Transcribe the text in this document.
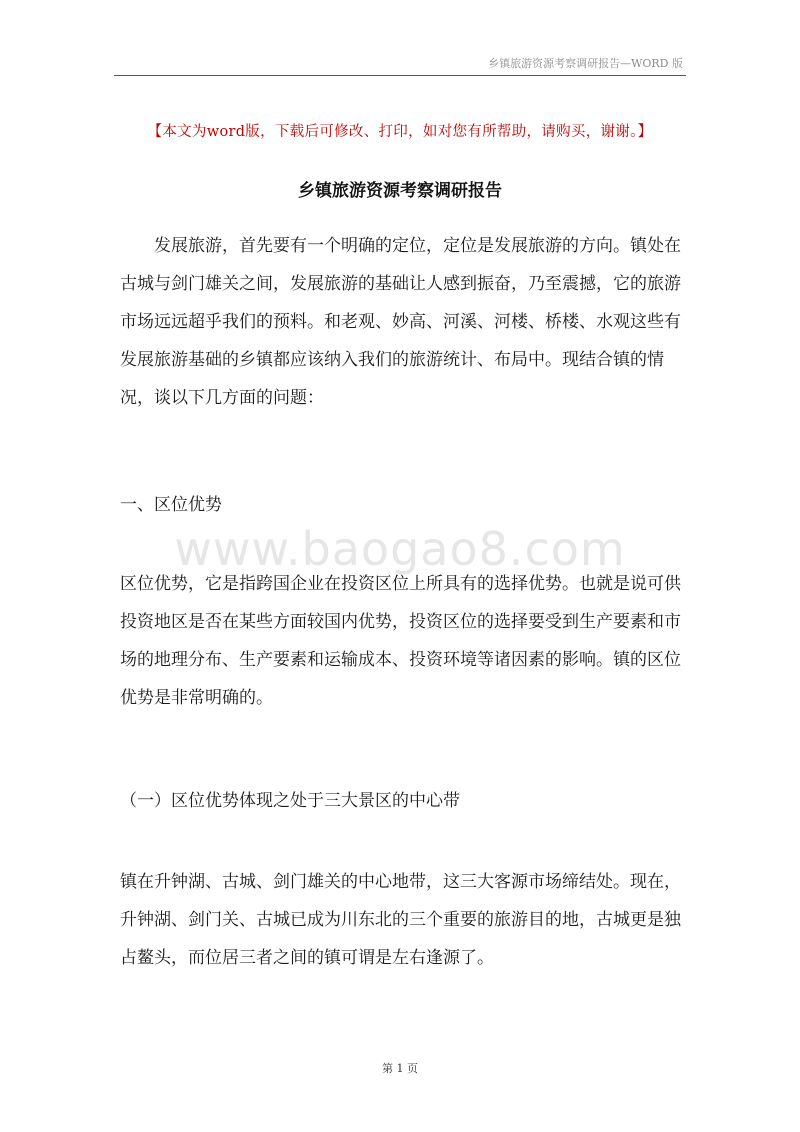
乡镇旅游资源考察调研报告—WORD 版
【本文为word版，下载后可修改、打印，如对您有所帮助，请购买，谢谢。】
乡镇旅游资源考察调研报告

发展旅游，首先要有一个明确的定位，定位是发展旅游的方向。镇处在古城与剑门雄关之间，发展旅游的基础让人感到振奋，乃至震撼，它的旅游市场远远超乎我们的预料。和老观、妙高、河溪、河楼、桥楼、水观这些有发展旅游基础的乡镇都应该纳入我们的旅游统计、布局中。现结合镇的情况，谈以下几方面的问题：

一、区位优势
www.baogao8.com

区位优势，它是指跨国企业在投资区位上所具有的选择优势。也就是说可供投资地区是否在某些方面较国内优势，投资区位的选择要受到生产要素和市场的地理分布、生产要素和运输成本、投资环境等诸因素的影响。镇的区位优势是非常明确的。

（一）区位优势体现之处于三大景区的中心带

镇在升钟湖、古城、剑门雄关的中心地带，这三大客源市场缔结处。现在，升钟湖、剑门关、古城已成为川东北的三个重要的旅游目的地，古城更是独占鳌头，而位居三者之间的镇可谓是左右逢源了。

第 1 页
